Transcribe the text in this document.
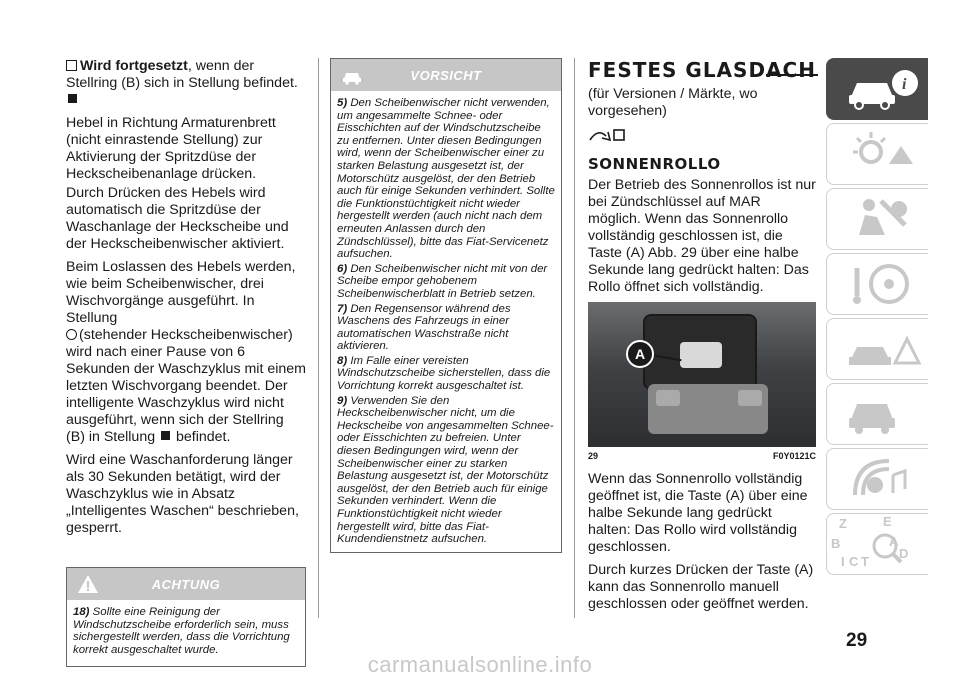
Wird fortgesetzt, wenn der Stellring (B) sich in Stellung befindet.

Hebel in Richtung Armaturenbrett (nicht einrastende Stellung) zur Aktivierung der Spritzdüse der Heckscheibenanlage drücken.

Durch Drücken des Hebels wird automatisch die Spritzdüse der Waschanlage der Heckscheibe und der Heckscheibenwischer aktiviert.

Beim Loslassen des Hebels werden, wie beim Scheibenwischer, drei Wischvorgänge ausgeführt. In Stellung
(stehender Heckscheibenwischer) wird nach einer Pause von 6 Sekunden der Waschzyklus mit einem letzten Wischvorgang beendet. Der intelligente Waschzyklus wird nicht ausgeführt, wenn sich der Stellring (B) in Stellung befindet.

Wird eine Waschanforderung länger als 30 Sekunden betätigt, wird der Waschzyklus wie in Absatz „Intelligentes Waschen“ beschrieben, gesperrt.

ACHTUNG

18) Sollte eine Reinigung der Windschutzscheibe erforderlich sein, muss sichergestellt werden, dass die Vorrichtung korrekt ausgeschaltet wurde.

VORSICHT

5) Den Scheibenwischer nicht verwenden, um angesammelte Schnee- oder Eisschichten auf der Windschutzscheibe zu entfernen. Unter diesen Bedingungen wird, wenn der Scheibenwischer einer zu starken Belastung ausgesetzt ist, der Motorschütz ausgelöst, der den Betrieb auch für einige Sekunden verhindert. Sollte die Funktionstüchtigkeit nicht wieder hergestellt werden (auch nicht nach dem erneuten Anlassen durch den Zündschlüssel), bitte das Fiat-Servicenetz aufsuchen.

6) Den Scheibenwischer nicht mit von der Scheibe empor gehobenem Scheibenwischerblatt in Betrieb setzen.

7) Den Regensensor während des Waschens des Fahrzeugs in einer automatischen Waschstraße nicht aktivieren.

8) Im Falle einer vereisten Windschutzscheibe sicherstellen, dass die Vorrichtung korrekt ausgeschaltet ist.

9) Verwenden Sie den Heckscheibenwischer nicht, um die Heckscheibe von angesammelten Schnee- oder Eisschichten zu befreien. Unter diesen Bedingungen wird, wenn der Scheibenwischer einer zu starken Belastung ausgesetzt ist, der Motorschütz ausgelöst, der den Betrieb auch für einige Sekunden verhindert. Wenn die Funktionstüchtigkeit nicht wieder hergestellt wird, bitte das Fiat-Kundendienstnetz aufsuchen.

FESTES GLASDACH

(für Versionen / Märkte, wo vorgesehen)

SONNENROLLO

Der Betrieb des Sonnenrollos ist nur bei Zündschlüssel auf MAR möglich. Wenn das Sonnenrollo vollständig geschlossen ist, die Taste (A) Abb. 29 über eine halbe Sekunde lang gedrückt halten: Das Rollo öffnet sich vollständig.

A
29	F0Y0121C

Wenn das Sonnenrollo vollständig geöffnet ist, die Taste (A) über eine halbe Sekunde lang gedrückt halten: Das Rollo wird vollständig geschlossen.

Durch kurzes Drücken der Taste (A) kann das Sonnenrollo manuell geschlossen oder geöffnet werden.

i
Z	E
B	A
D
I C T
29
carmanualsonline.info
